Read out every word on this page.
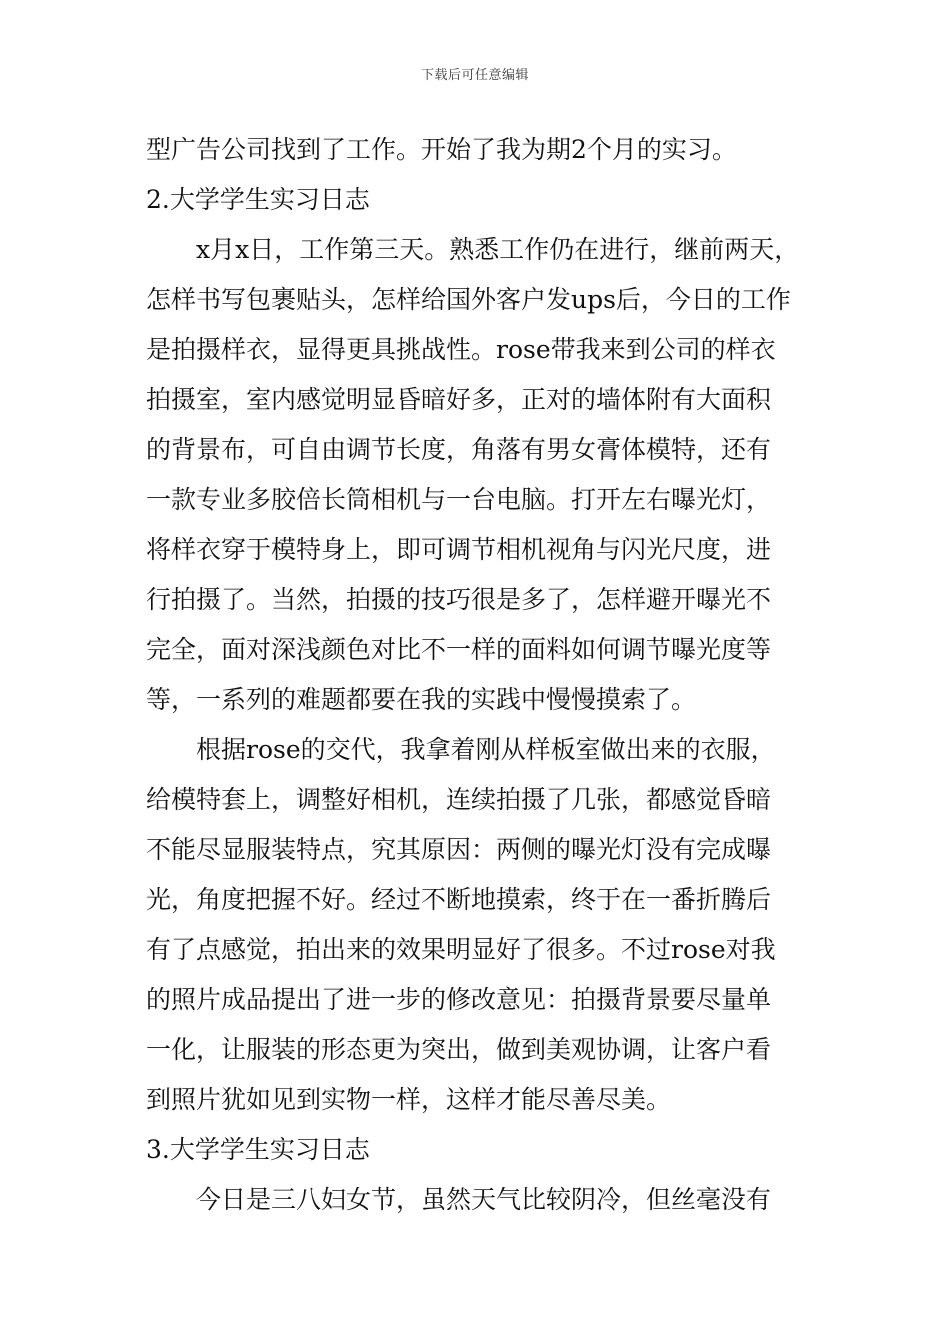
下载后可任意编辑
型广告公司找到了工作。开始了我为期2个月的实习。
2.大学学生实习日志
x月x日，工作第三天。熟悉工作仍在进行，继前两天，
怎样书写包裹贴头，怎样给国外客户发ups后，今日的工作
是拍摄样衣，显得更具挑战性。rose带我来到公司的样衣
拍摄室，室内感觉明显昏暗好多，正对的墙体附有大面积
的背景布，可自由调节长度，角落有男女膏体模特，还有
一款专业多胶倍长筒相机与一台电脑。打开左右曝光灯，
将样衣穿于模特身上，即可调节相机视角与闪光尺度，进
行拍摄了。当然，拍摄的技巧很是多了，怎样避开曝光不
完全，面对深浅颜色对比不一样的面料如何调节曝光度等
等，一系列的难题都要在我的实践中慢慢摸索了。
根据rose的交代，我拿着刚从样板室做出来的衣服，
给模特套上，调整好相机，连续拍摄了几张，都感觉昏暗
不能尽显服装特点，究其原因：两侧的曝光灯没有完成曝
光，角度把握不好。经过不断地摸索，终于在一番折腾后
有了点感觉，拍出来的效果明显好了很多。不过rose对我
的照片成品提出了进一步的修改意见：拍摄背景要尽量单
一化，让服装的形态更为突出，做到美观协调，让客户看
到照片犹如见到实物一样，这样才能尽善尽美。
3.大学学生实习日志
今日是三八妇女节，虽然天气比较阴冷，但丝毫没有
